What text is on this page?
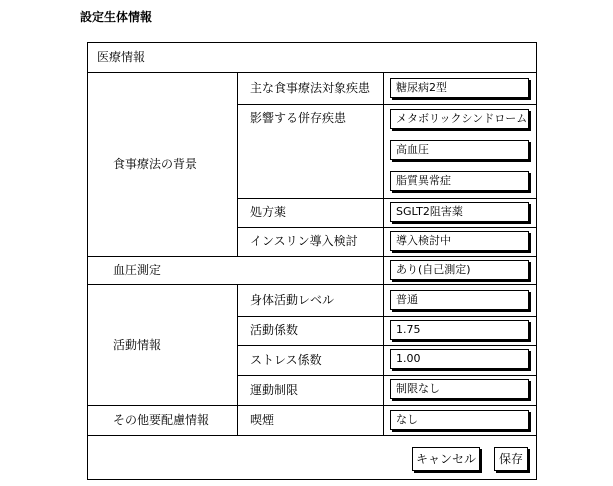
設定生体情報
医療情報
食事療法の背景
血圧測定
活動情報
その他要配慮情報
主な食事療法対象疾患
影響する併存疾患
処方薬
インスリン導入検討
身体活動レベル
活動係数
ストレス係数
運動制限
喫煙
糖尿病2型
メタボリックシンドローム
高血圧
脂質異常症
SGLT2阻害薬
導入検討中
あり(自己測定)
普通
1.75
1.00
制限なし
なし
キャンセル	保存
